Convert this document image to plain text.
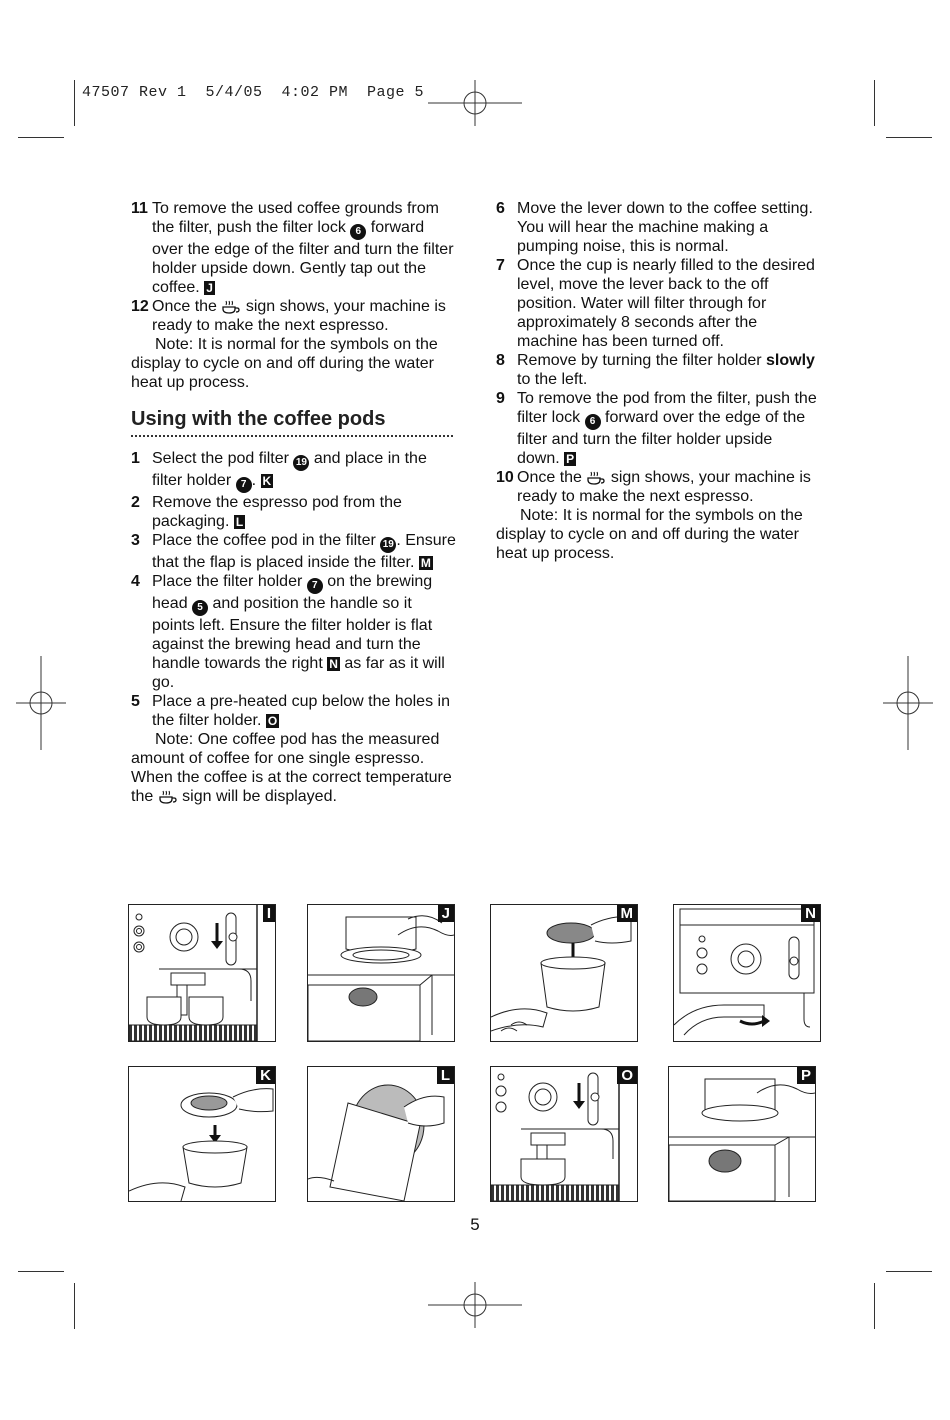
47507 Rev 1  5/4/05  4:02 PM  Page 5
11 To remove the used coffee grounds from the filter, push the filter lock 6 forward over the edge of the filter and turn the filter holder upside down. Gently tap out the coffee. J

12 Once the sign shows, your machine is ready to make the next espresso.

Note: It is normal for the symbols on the display to cycle on and off during the water heat up process.

Using with the coffee pods
1 Select the pod filter 19 and place in the filter holder 7 . K

2 Remove the espresso pod from the packaging. L

3 Place the coffee pod in the filter 19 . Ensure that the flap is placed inside the filter. M

4 Place the filter holder 7 on the brewing head 5 and position the handle so it points left. Ensure the filter holder is flat against the brewing head and turn the handle towards the right N as far as it will go.

5 Place a pre-heated cup below the holes in the filter holder. O

Note: One coffee pod has the measured amount of coffee for one single espresso. When the coffee is at the correct temperature the sign will be displayed.

6 Move the lever down to the coffee setting. You will hear the machine making a pumping noise, this is normal.

7 Once the cup is nearly filled to the desired level, move the lever back to the off position. Water will filter through for approximately 8 seconds after the machine has been turned off.

8 Remove by turning the filter holder slowly to the left.

9 To remove the pod from the filter, push the filter lock 6 forward over the edge of the filter and turn the filter holder upside down. P

10 Once the sign shows, your machine is ready to make the next espresso.

Note: It is normal for the symbols on the display to cycle on and off during the water heat up process.

I	J	M	N
K	L	O	P
5
